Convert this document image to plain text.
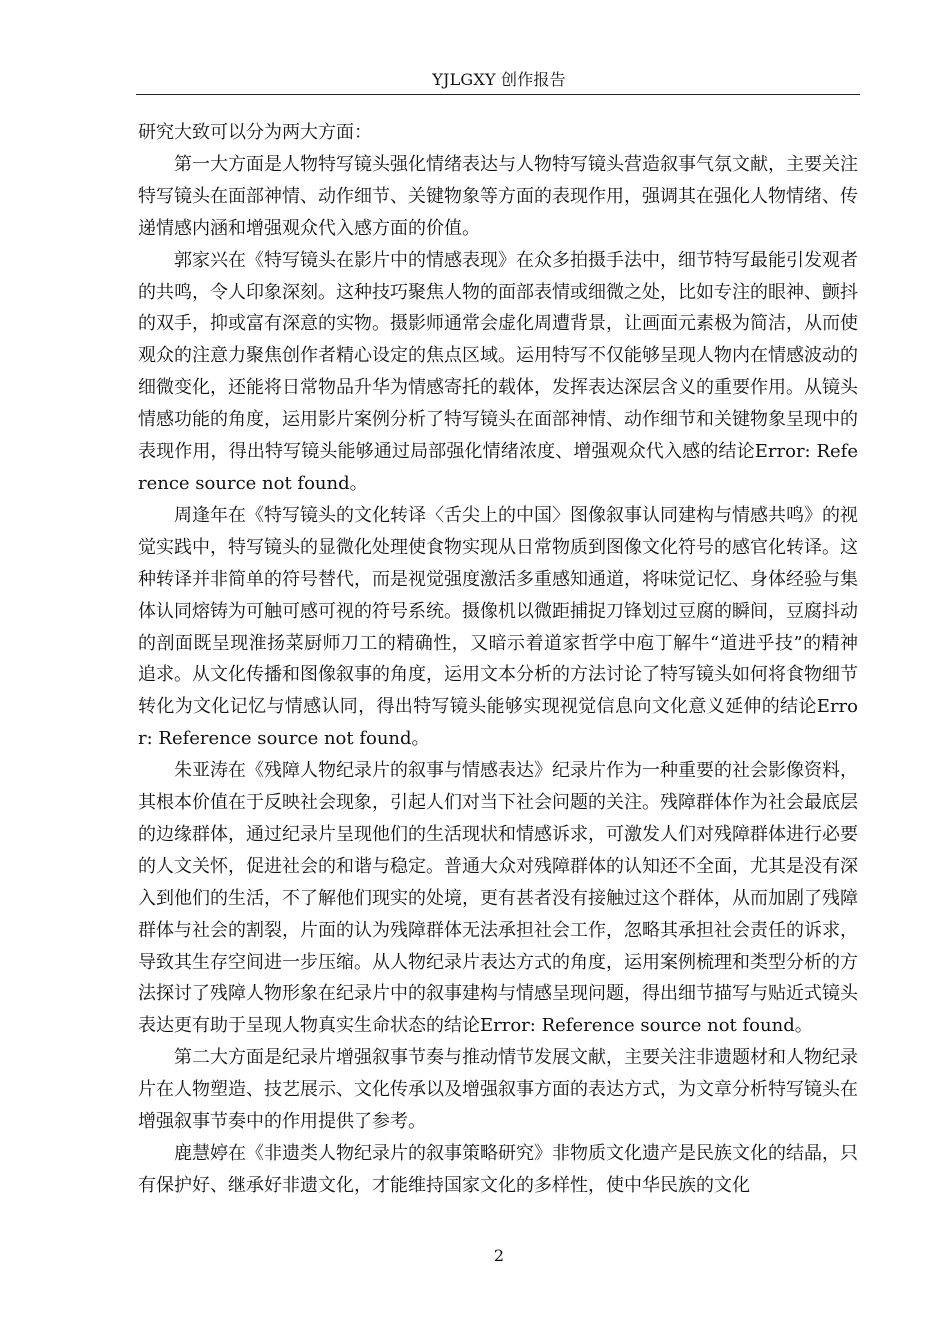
YJLGXY 创作报告

研究大致可以分为两大方面：

第一大方面是人物特写镜头强化情绪表达与人物特写镜头营造叙事气氛文献，主要关注特写镜头在面部神情、动作细节、关键物象等方面的表现作用，强调其在强化人物情绪、传递情感内涵和增强观众代入感方面的价值。

郭家兴在《特写镜头在影片中的情感表现》在众多拍摄手法中，细节特写最能引发观者的共鸣，令人印象深刻。这种技巧聚焦人物的面部表情或细微之处，比如专注的眼神、颤抖的双手，抑或富有深意的实物。摄影师通常会虚化周遭背景，让画面元素极为简洁，从而使观众的注意力聚焦创作者精心设定的焦点区域。运用特写不仅能够呈现人物内在情感波动的细微变化，还能将日常物品升华为情感寄托的载体，发挥表达深层含义的重要作用。从镜头情感功能的角度，运用影片案例分析了特写镜头在面部神情、动作细节和关键物象呈现中的表现作用，得出特写镜头能够通过局部强化情绪浓度、增强观众代入感的结论Error: Reference source not found。

周逢年在《特写镜头的文化转译〈舌尖上的中国〉图像叙事认同建构与情感共鸣》的视觉实践中，特写镜头的显微化处理使食物实现从日常物质到图像文化符号的感官化转译。这种转译并非简单的符号替代，而是视觉强度激活多重感知通道，将味觉记忆、身体经验与集体认同熔铸为可触可感可视的符号系统。摄像机以微距捕捉刀锋划过豆腐的瞬间，豆腐抖动的剖面既呈现淮扬菜厨师刀工的精确性，又暗示着道家哲学中庖丁解牛“道进乎技”的精神追求。从文化传播和图像叙事的角度，运用文本分析的方法讨论了特写镜头如何将食物细节转化为文化记忆与情感认同，得出特写镜头能够实现视觉信息向文化意义延伸的结论Error: Reference source not found。

朱亚涛在《残障人物纪录片的叙事与情感表达》纪录片作为一种重要的社会影像资料，其根本价值在于反映社会现象，引起人们对当下社会问题的关注。残障群体作为社会最底层的边缘群体，通过纪录片呈现他们的生活现状和情感诉求，可激发人们对残障群体进行必要的人文关怀，促进社会的和谐与稳定。普通大众对残障群体的认知还不全面，尤其是没有深入到他们的生活，不了解他们现实的处境，更有甚者没有接触过这个群体，从而加剧了残障群体与社会的割裂，片面的认为残障群体无法承担社会工作，忽略其承担社会责任的诉求，导致其生存空间进一步压缩。从人物纪录片表达方式的角度，运用案例梳理和类型分析的方法探讨了残障人物形象在纪录片中的叙事建构与情感呈现问题，得出细节描写与贴近式镜头表达更有助于呈现人物真实生命状态的结论Error: Reference source not found。

第二大方面是纪录片增强叙事节奏与推动情节发展文献，主要关注非遗题材和人物纪录片在人物塑造、技艺展示、文化传承以及增强叙事方面的表达方式，为文章分析特写镜头在增强叙事节奏中的作用提供了参考。

鹿慧婷在《非遗类人物纪录片的叙事策略研究》非物质文化遗产是民族文化的结晶，只有保护好、继承好非遗文化，才能维持国家文化的多样性，使中华民族的文化

2
